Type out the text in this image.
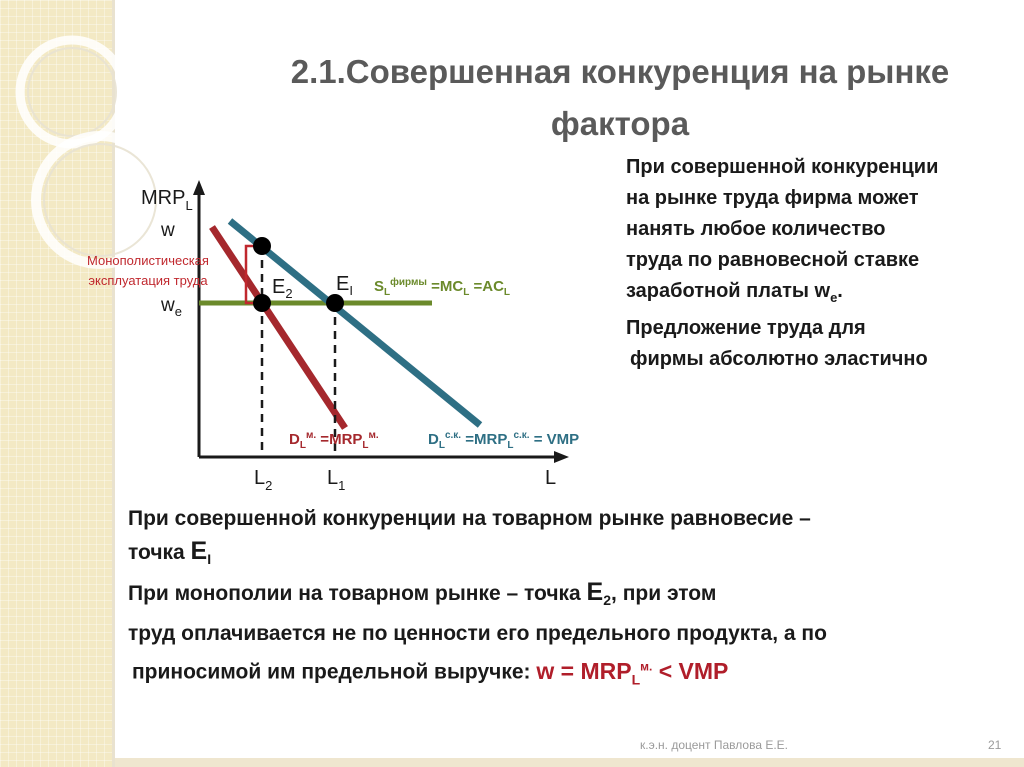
2.1.Совершенная конкуренция на рынке фактора
$MRP_L$
w
$w_e$
L
$L_2$	$L_1$
$E_2$ $E_I$
Монополистическая
эксплуатация труда	$S_L^{фирмы} =MC_L =AC_L$
$D_L^{м.} =MRP_L^{м.}$	$D_L^{с.к.} =MRP_L^{с.к.}$ = VMP
При совершенной конкуренции
на рынке труда фирма может
нанять любое количество
труда по равновесной ставке
заработной платы $w_e$.
Предложение труда для
фирмы абсолютно эластично
При совершенной конкуренции на товарном рынке равновесие –
точка $E_I$
При монополии на товарном рынке – точка $E_2$, при этом
труд оплачивается не по ценности его предельного продукта, а по
приносимой им предельной выручке: $w = MRP_L^{м.}$ < VMP
к.э.н. доцент Павлова Е.Е.	21
